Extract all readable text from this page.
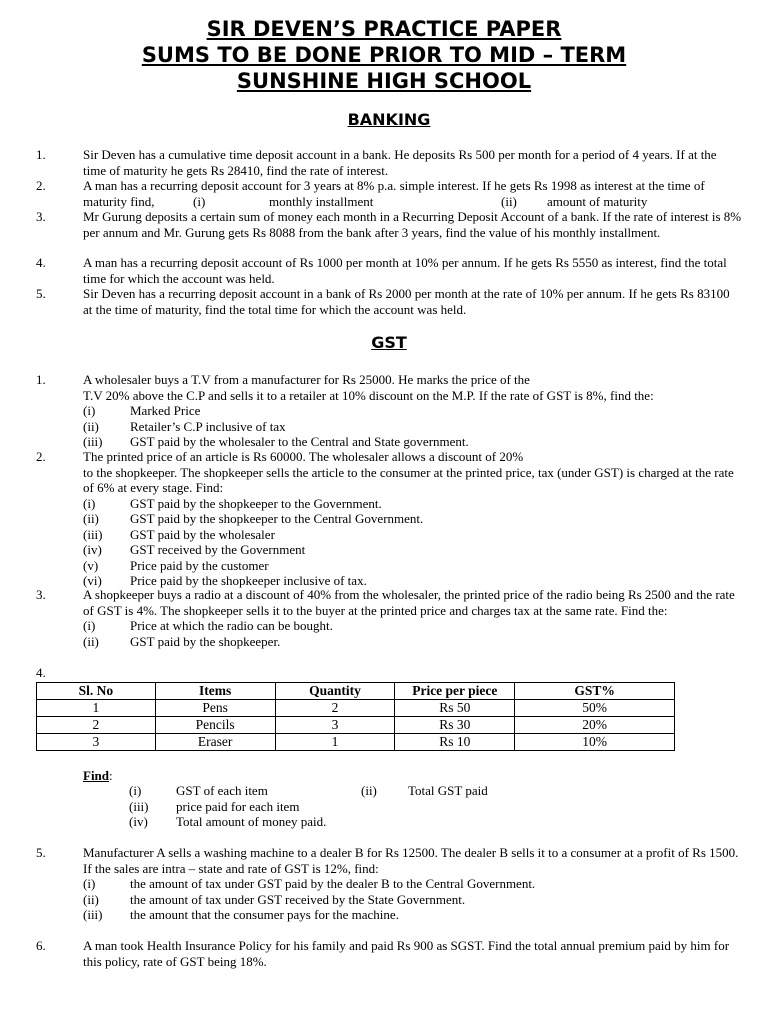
SIR DEVEN’S PRACTICE PAPER
SUMS TO BE DONE PRIOR TO MID – TERM
SUNSHINE HIGH SCHOOL
BANKING
1.	Sir Deven has a cumulative time deposit account in a bank. He deposits Rs 500 per month for a period of 4 years. If at the time of maturity he gets Rs 28410, find the rate of interest.
2.	A man has a recurring deposit account for 3 years at 8% p.a. simple interest. If he gets Rs 1998 as interest at the time of maturity find,	(i)	monthly installment	(ii) amount of maturity
3.	Mr Gurung deposits a certain sum of money each month in a Recurring Deposit Account of a bank. If the rate of interest is 8% per annum and Mr. Gurung gets Rs 8088 from the bank after 3 years, find the value of his monthly installment.
4.	A man has a recurring deposit account of Rs 1000 per month at 10% per annum. If he gets Rs 5550 as interest, find the total time for which the account was held.
5.	Sir Deven has a recurring deposit account in a bank of Rs 2000 per month at the rate of 10% per annum. If he gets Rs 83100 at the time of maturity, find the total time for which the account was held.
GST
1.	A wholesaler buys a T.V from a manufacturer for Rs 25000. He marks the price of the
T.V 20% above the C.P and sells it to a retailer at 10% discount on the M.P. If the rate of GST is 8%, find the:
(i)	Marked Price
(ii) Retailer’s C.P inclusive of tax
(iii) GST paid by the wholesaler to the Central and State government.
2.	The printed price of an article is Rs 60000. The wholesaler allows a discount of 20%
to the shopkeeper. The shopkeeper sells the article to the consumer at the printed price, tax (under GST) is charged at the rate of 6% at every stage. Find:
(i)	GST paid by the shopkeeper to the Government.
(ii) GST paid by the shopkeeper to the Central Government.
(iii) GST paid by the wholesaler
(iv) GST received by the Government
(v) Price paid by the customer
(vi) Price paid by the shopkeeper inclusive of tax.
3.	A shopkeeper buys a radio at a discount of 40% from the wholesaler, the printed price of the radio being Rs 2500 and the rate of GST is 4%. The shopkeeper sells it to the buyer at the printed price and charges tax at the same rate. Find the:
(i)	Price at which the radio can be bought.
(ii) GST paid by the shopkeeper.
4.
Sl. No	Items	Quantity	Price per piece	GST%
1	Pens	2	Rs 50	50%
2	Pencils	3	Rs 30	20%
3	Eraser	1	Rs 10	10%
Find:
(i)	GST of each item	(ii) Total GST paid
(iii) price paid for each item
(iv) Total amount of money paid.
5.	Manufacturer A sells a washing machine to a dealer B for Rs 12500. The dealer B sells it to a consumer at a profit of Rs 1500. If the sales are intra – state and rate of GST is 12%, find:
(i)	the amount of tax under GST paid by the dealer B to the Central Government.
(ii) the amount of tax under GST received by the State Government.
(iii) the amount that the consumer pays for the machine.
6.	A man took Health Insurance Policy for his family and paid Rs 900 as SGST. Find the total annual premium paid by him for this policy, rate of GST being 18%.
